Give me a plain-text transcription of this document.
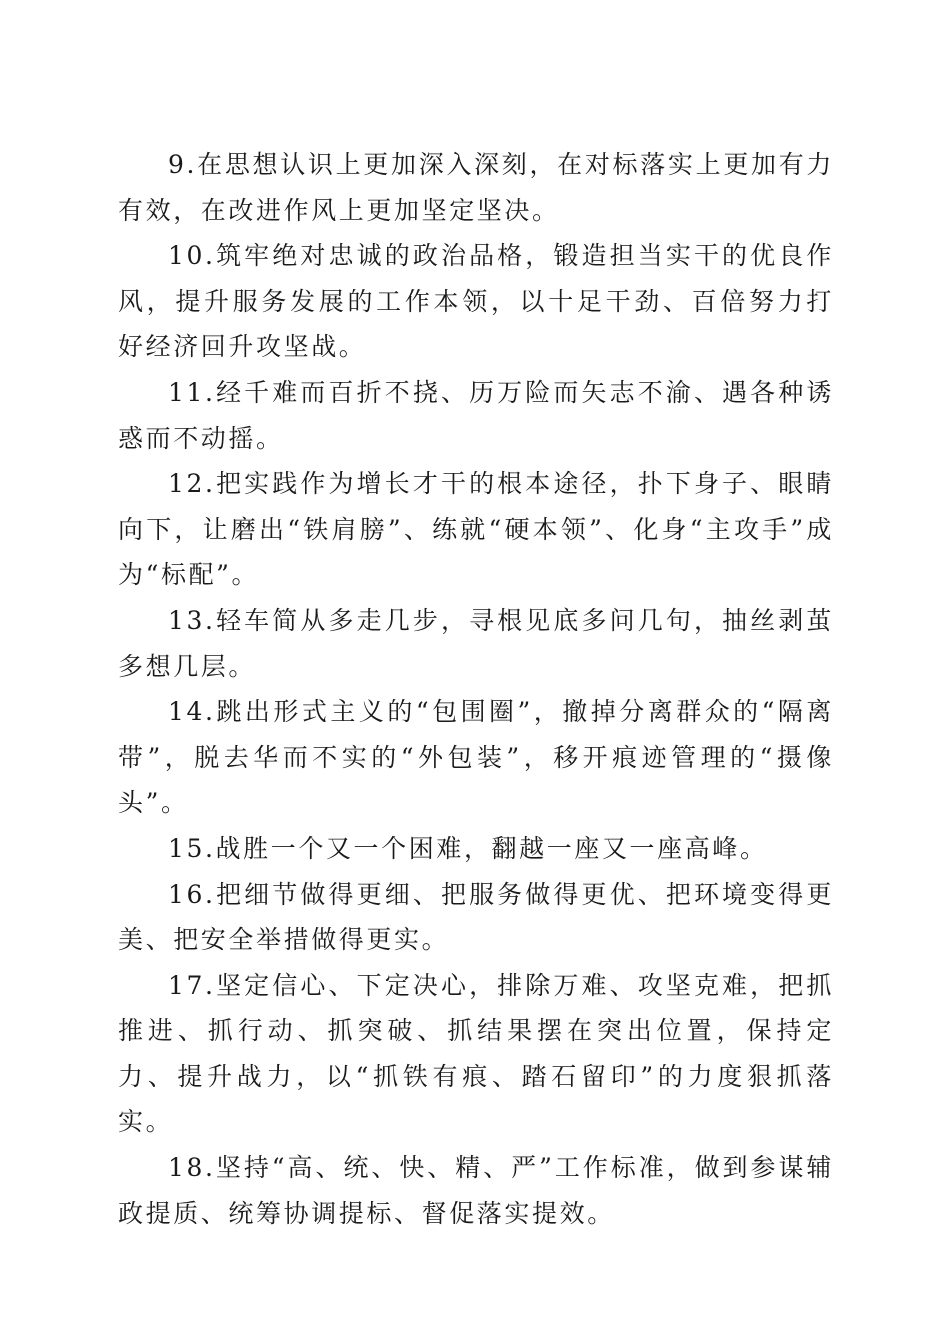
9.在思想认识上更加深入深刻，在对标落实上更加有力有效，在改进作风上更加坚定坚决。

10.筑牢绝对忠诚的政治品格，锻造担当实干的优良作风，提升服务发展的工作本领，以十足干劲、百倍努力打好经济回升攻坚战。

11.经千难而百折不挠、历万险而矢志不渝、遇各种诱惑而不动摇。

12.把实践作为增长才干的根本途径，扑下身子、眼睛向下，让磨出“铁肩膀”、练就“硬本领”、化身“主攻手”成为“标配”。

13.轻车简从多走几步，寻根见底多问几句，抽丝剥茧多想几层。

14.跳出形式主义的“包围圈”，撤掉分离群众的“隔离带”，脱去华而不实的“外包装”，移开痕迹管理的“摄像头”。

15.战胜一个又一个困难，翻越一座又一座高峰。

16.把细节做得更细、把服务做得更优、把环境变得更美、把安全举措做得更实。

17.坚定信心、下定决心，排除万难、攻坚克难，把抓推进、抓行动、抓突破、抓结果摆在突出位置，保持定力、提升战力，以“抓铁有痕、踏石留印”的力度狠抓落实。

18.坚持“高、统、快、精、严”工作标准，做到参谋辅政提质、统筹协调提标、督促落实提效。
